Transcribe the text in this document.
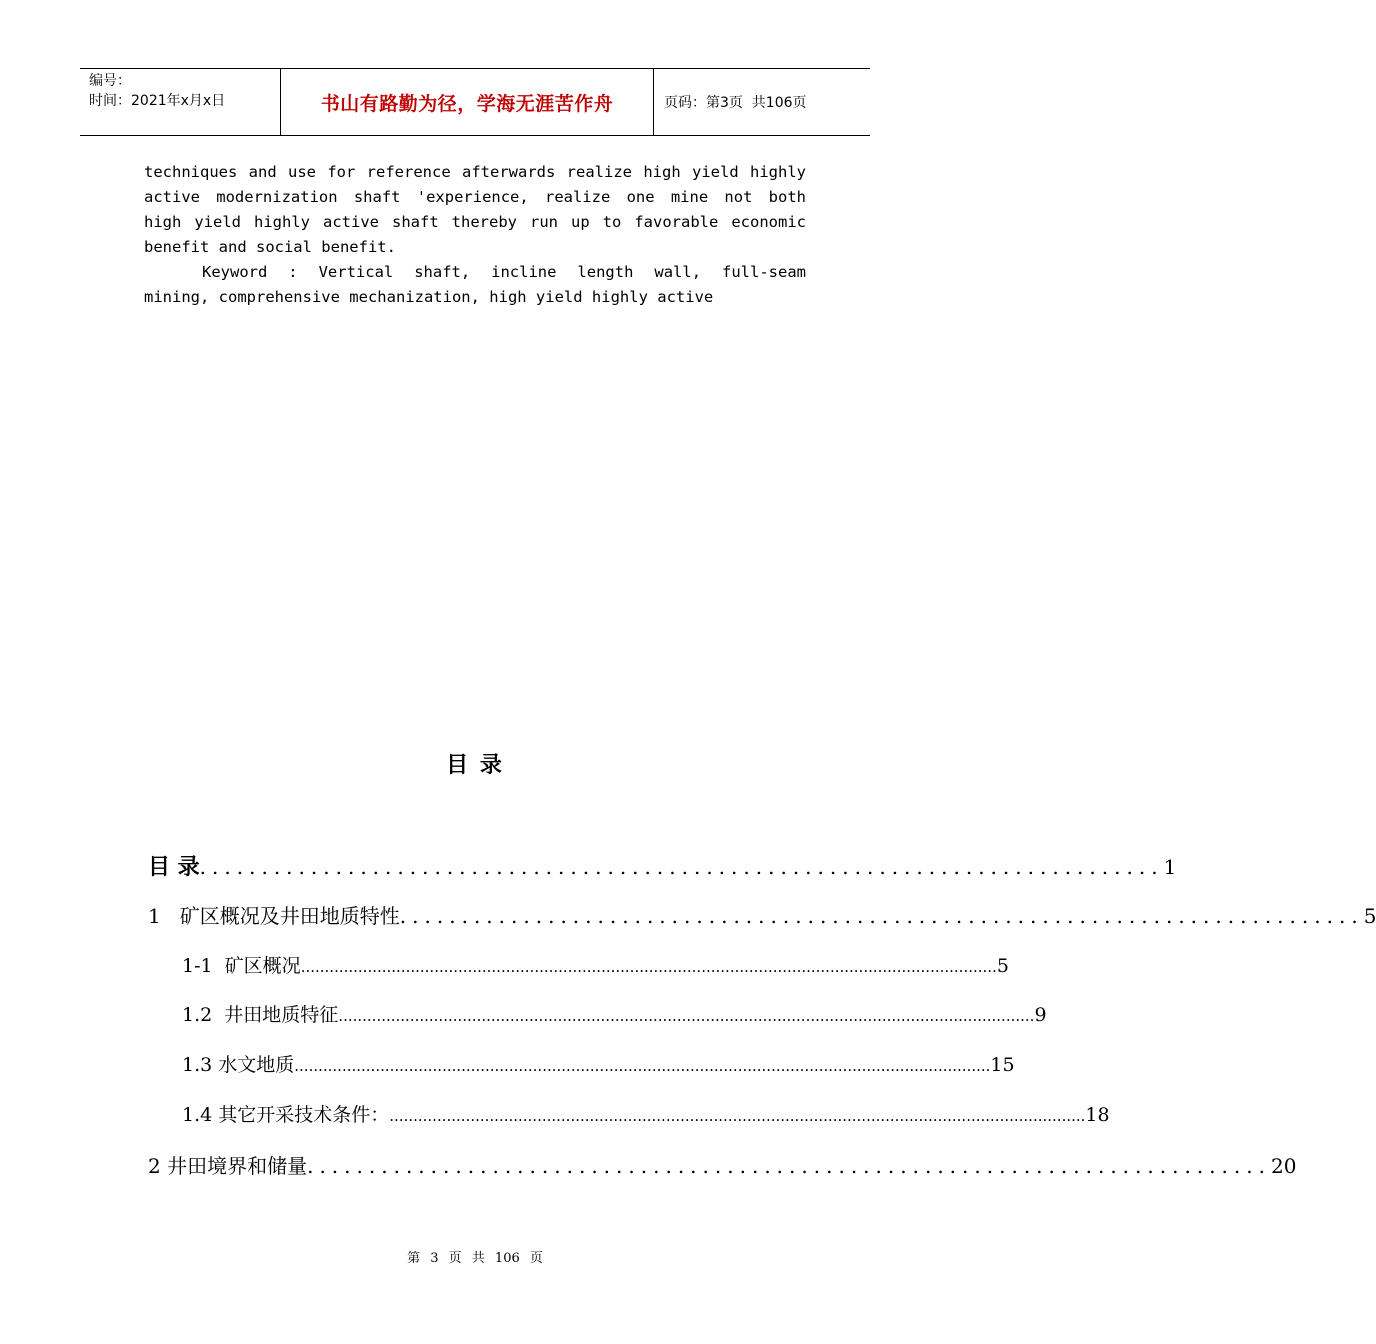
编号：
时间：2021年x月x日	书山有路勤为径，学海无涯苦作舟	页码：第3页  共106页
techniques and use for reference afterwards realize high yield highly
active modernization shaft 'experience, realize one mine not both
high yield highly active shaft thereby run up to favorable economic
benefit and social benefit.
Keyword : Vertical shaft, incline length wall, full-seam
mining, comprehensive mechanization, high yield highly active
目 录
目 录 .............................................................................. 1
1   矿区概况及井田地质特性 .............................................................................. 5
1-1  矿区概况 .................................................................................................................................................. 5
1.2  井田地质特征 .................................................................................................................................................. 9
1.3 水文地质 .................................................................................................................................................. 15
1.4 其它开采技术条件： .................................................................................................................................................. 18
2 井田境界和储量 .............................................................................. 20
第 3 页 共 106 页
